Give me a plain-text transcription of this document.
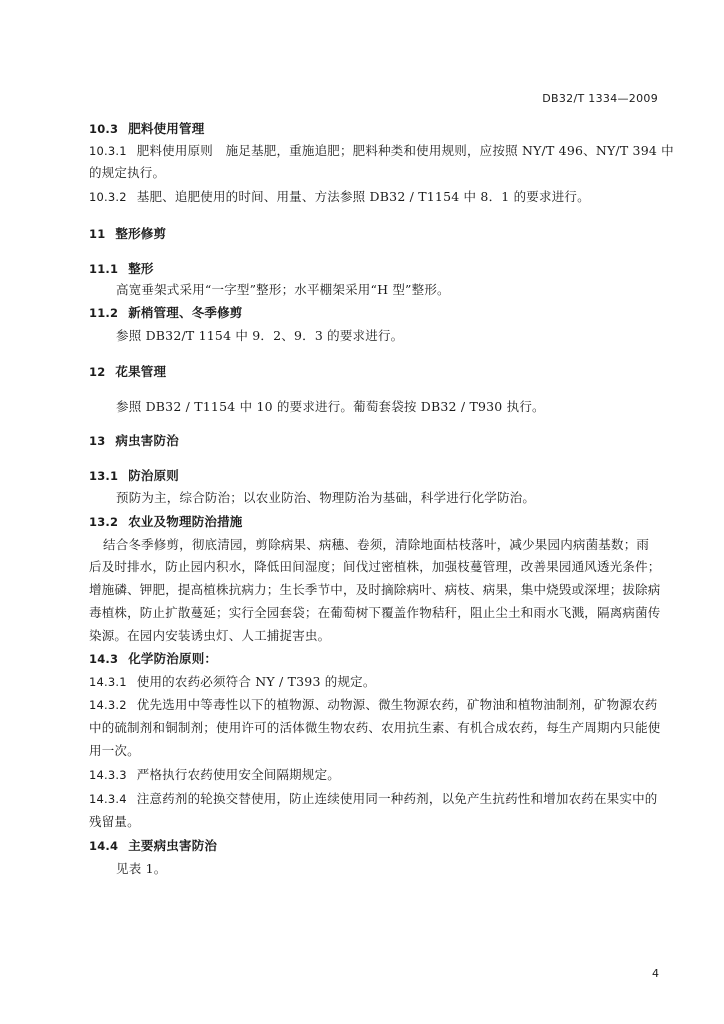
DB32/T 1334—2009
10.3 肥料使用管理
10.3.1 肥料使用原则　施足基肥，重施追肥；肥料种类和使用规则，应按照 NY/T 496、NY/T 394 中
的规定执行。
10.3.2 基肥、追肥使用的时间、用量、方法参照 DB32 / T1154 中 8．1 的要求进行。
11 整形修剪
11.1 整形
高宽垂架式采用“一字型”整形；水平棚架采用“H 型”整形。
11.2 新梢管理、冬季修剪
参照 DB32/T 1154 中 9．2、9．3 的要求进行。
12 花果管理
参照 DB32 / T1154 中 10 的要求进行。葡萄套袋按 DB32 / T930 执行。
13 病虫害防治
13.1 防治原则
预防为主，综合防治；以农业防治、物理防治为基础，科学进行化学防治。
13.2 农业及物理防治措施
结合冬季修剪，彻底清园，剪除病果、病穗、卷须，清除地面枯枝落叶，减少果园内病菌基数；雨
后及时排水，防止园内积水，降低田间湿度；间伐过密植株，加强枝蔓管理，改善果园通风透光条件；
增施磷、钾肥，提高植株抗病力；生长季节中，及时摘除病叶、病枝、病果，集中烧毁或深埋；拔除病
毒植株，防止扩散蔓延；实行全园套袋；在葡萄树下覆盖作物秸秆，阻止尘土和雨水飞溅，隔离病菌传
染源。在园内安装诱虫灯、人工捕捉害虫。
14.3 化学防治原则：
14.3.1 使用的农药必须符合 NY / T393 的规定。
14.3.2 优先选用中等毒性以下的植物源、动物源、微生物源农药，矿物油和植物油制剂，矿物源农药
中的硫制剂和铜制剂；使用许可的活体微生物农药、农用抗生素、有机合成农药，每生产周期内只能使
用一次。
14.3.3 严格执行农药使用安全间隔期规定。
14.3.4 注意药剂的轮换交替使用，防止连续使用同一种药剂，以免产生抗药性和增加农药在果实中的
残留量。
14.4 主要病虫害防治
见表 1。
4
